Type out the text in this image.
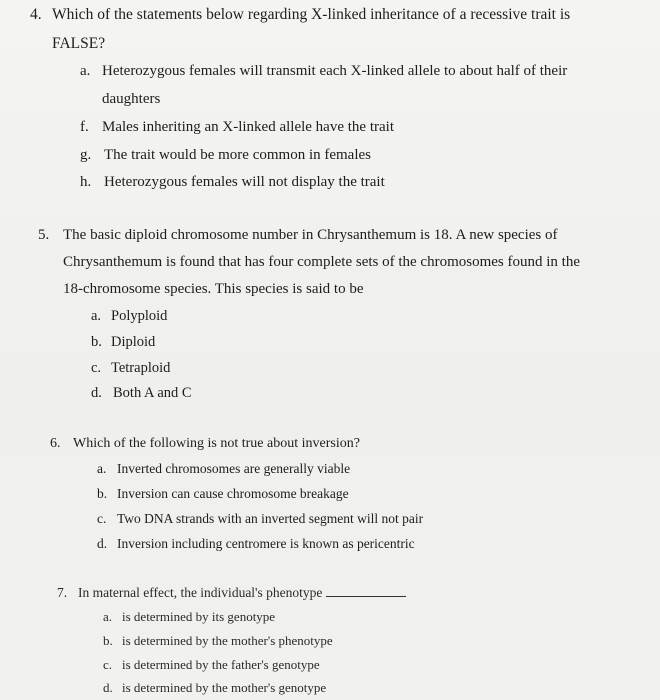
4. Which of the statements below regarding X-linked inheritance of a recessive trait is
FALSE?
a. Heterozygous females will transmit each X-linked allele to about half of their
daughters
f. Males inheriting an X-linked allele have the trait
g. The trait would be more common in females
h. Heterozygous females will not display the trait
5. The basic diploid chromosome number in Chrysanthemum is 18. A new species of
Chrysanthemum is found that has four complete sets of the chromosomes found in the
18-chromosome species. This species is said to be
a. Polyploid
b. Diploid
c. Tetraploid
d. Both A and C
6. Which of the following is not true about inversion?
a. Inverted chromosomes are generally viable
b. Inversion can cause chromosome breakage
c. Two DNA strands with an inverted segment will not pair
d. Inversion including centromere is known as pericentric
7. In maternal effect, the individual's phenotype
a. is determined by its genotype
b. is determined by the mother's phenotype
c. is determined by the father's genotype
d. is determined by the mother's genotype
